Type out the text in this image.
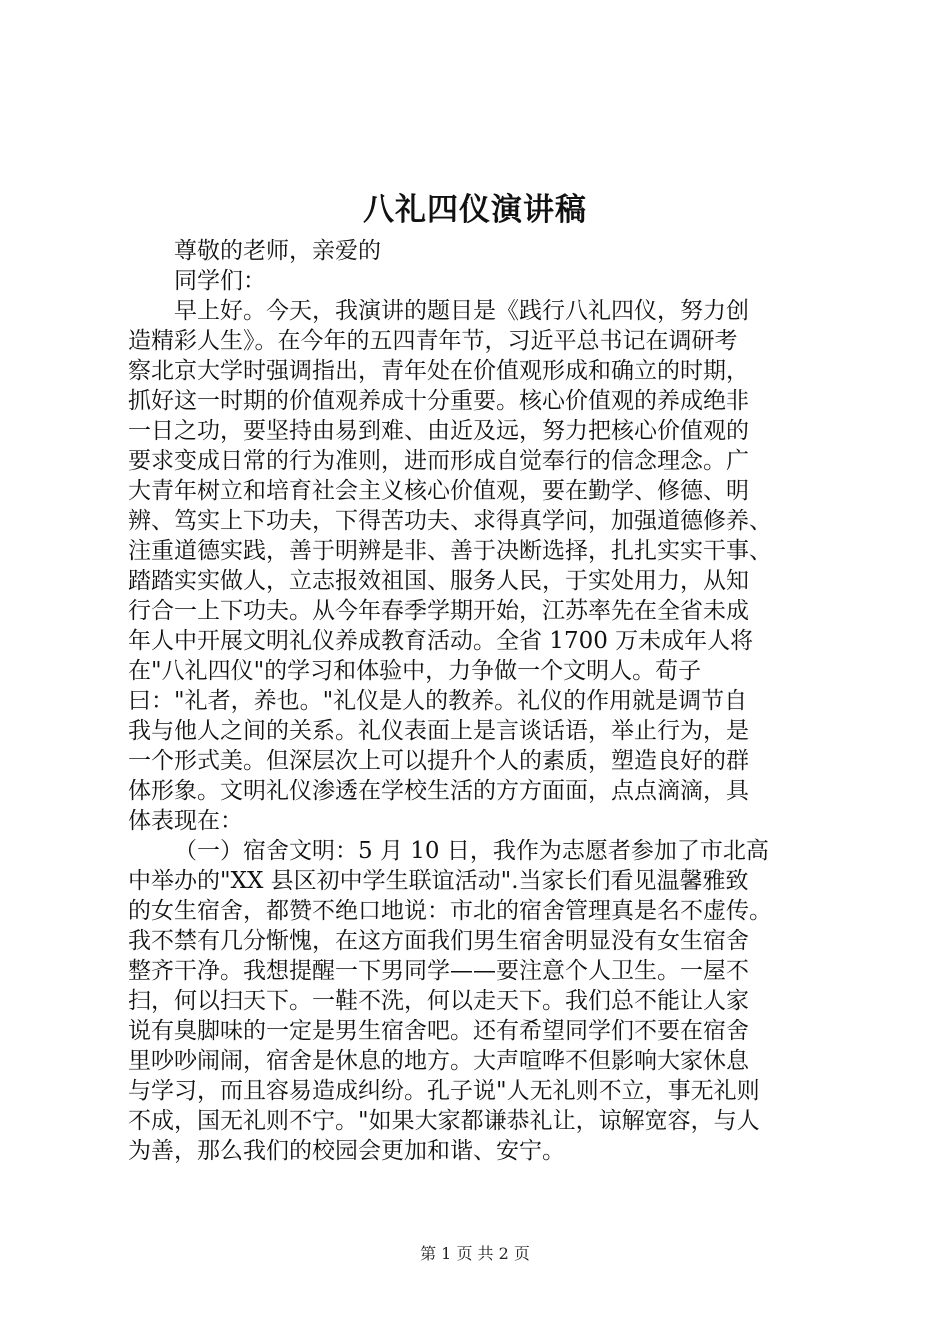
八礼四仪演讲稿
尊敬的老师，亲爱的
同学们：
早上好。今天，我演讲的题目是《践行八礼四仪，努力创
造精彩人生》。在今年的五四青年节，习近平总书记在调研考
察北京大学时强调指出，青年处在价值观形成和确立的时期，
抓好这一时期的价值观养成十分重要。核心价值观的养成绝非
一日之功，要坚持由易到难、由近及远，努力把核心价值观的
要求变成日常的行为准则，进而形成自觉奉行的信念理念。广
大青年树立和培育社会主义核心价值观，要在勤学、修德、明
辨、笃实上下功夫，下得苦功夫、求得真学问，加强道德修养、
注重道德实践，善于明辨是非、善于决断选择，扎扎实实干事、
踏踏实实做人，立志报效祖国、服务人民，于实处用力，从知
行合一上下功夫。从今年春季学期开始，江苏率先在全省未成
年人中开展文明礼仪养成教育活动。全省 1700 万未成年人将
在"八礼四仪"的学习和体验中，力争做一个文明人。荀子
曰："礼者，养也。"礼仪是人的教养。礼仪的作用就是调节自
我与他人之间的关系。礼仪表面上是言谈话语，举止行为，是
一个形式美。但深层次上可以提升个人的素质，塑造良好的群
体形象。文明礼仪渗透在学校生活的方方面面，点点滴滴，具
体表现在：
（一）宿舍文明：5 月 10 日，我作为志愿者参加了市北高
中举办的"XX 县区初中学生联谊活动".当家长们看见温馨雅致
的女生宿舍，都赞不绝口地说：市北的宿舍管理真是名不虚传。
我不禁有几分惭愧，在这方面我们男生宿舍明显没有女生宿舍
整齐干净。我想提醒一下男同学——要注意个人卫生。一屋不
扫，何以扫天下。一鞋不洗，何以走天下。我们总不能让人家
说有臭脚味的一定是男生宿舍吧。还有希望同学们不要在宿舍
里吵吵闹闹，宿舍是休息的地方。大声喧哗不但影响大家休息
与学习，而且容易造成纠纷。孔子说"人无礼则不立，事无礼则
不成，国无礼则不宁。"如果大家都谦恭礼让，谅解宽容，与人
为善，那么我们的校园会更加和谐、安宁。
第 1 页 共 2 页
